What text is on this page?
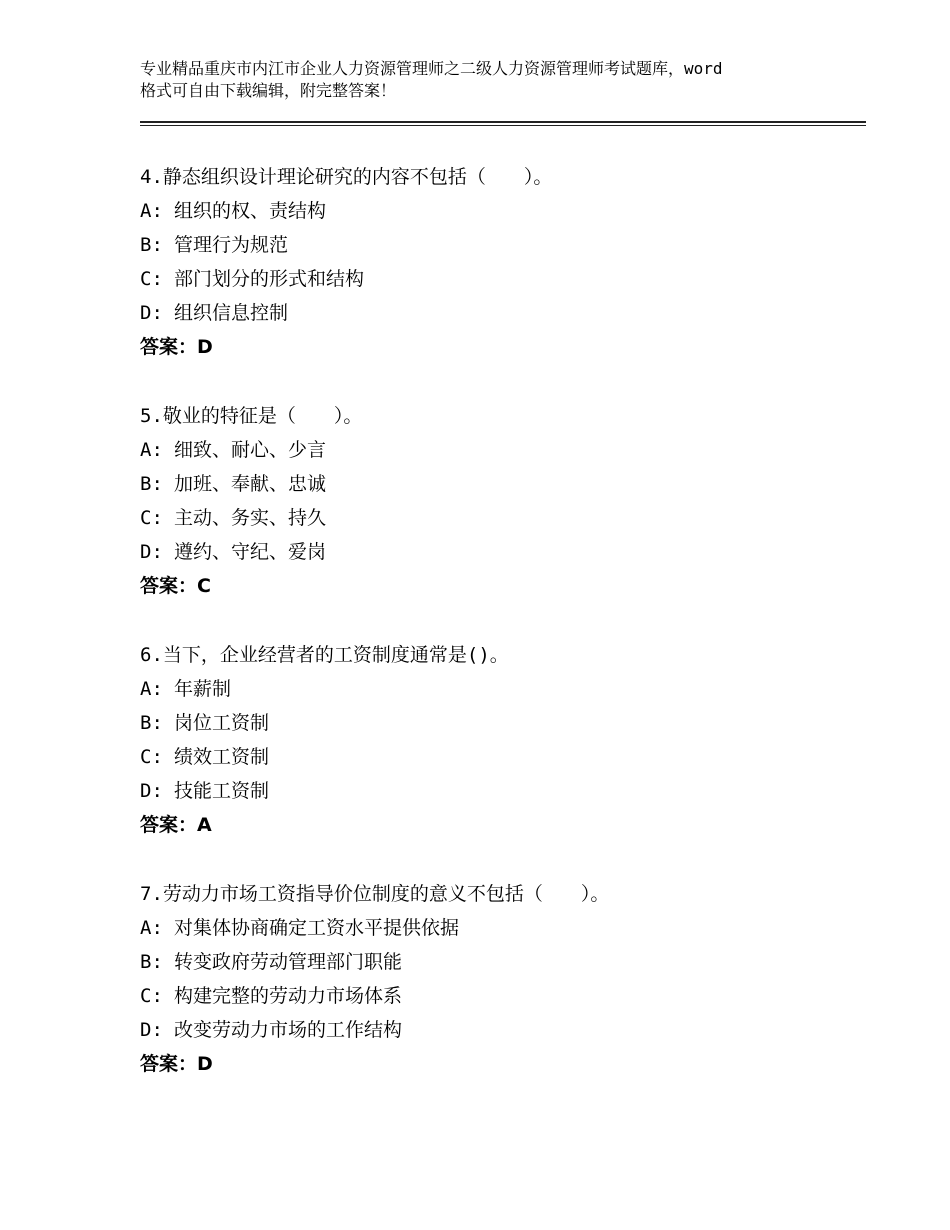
专业精品重庆市内江市企业人力资源管理师之二级人力资源管理师考试题库，word
格式可自由下载编辑，附完整答案！
4.静态组织设计理论研究的内容不包括（　　）。
A: 组织的权、责结构
B: 管理行为规范
C: 部门划分的形式和结构
D: 组织信息控制
答案：D
5.敬业的特征是（　　）。
A: 细致、耐心、少言
B: 加班、奉献、忠诚
C: 主动、务实、持久
D: 遵约、守纪、爱岗
答案：C
6.当下，企业经营者的工资制度通常是()。
A: 年薪制
B: 岗位工资制
C: 绩效工资制
D: 技能工资制
答案：A
7.劳动力市场工资指导价位制度的意义不包括（　　）。
A: 对集体协商确定工资水平提供依据
B: 转变政府劳动管理部门职能
C: 构建完整的劳动力市场体系
D: 改变劳动力市场的工作结构
答案：D
